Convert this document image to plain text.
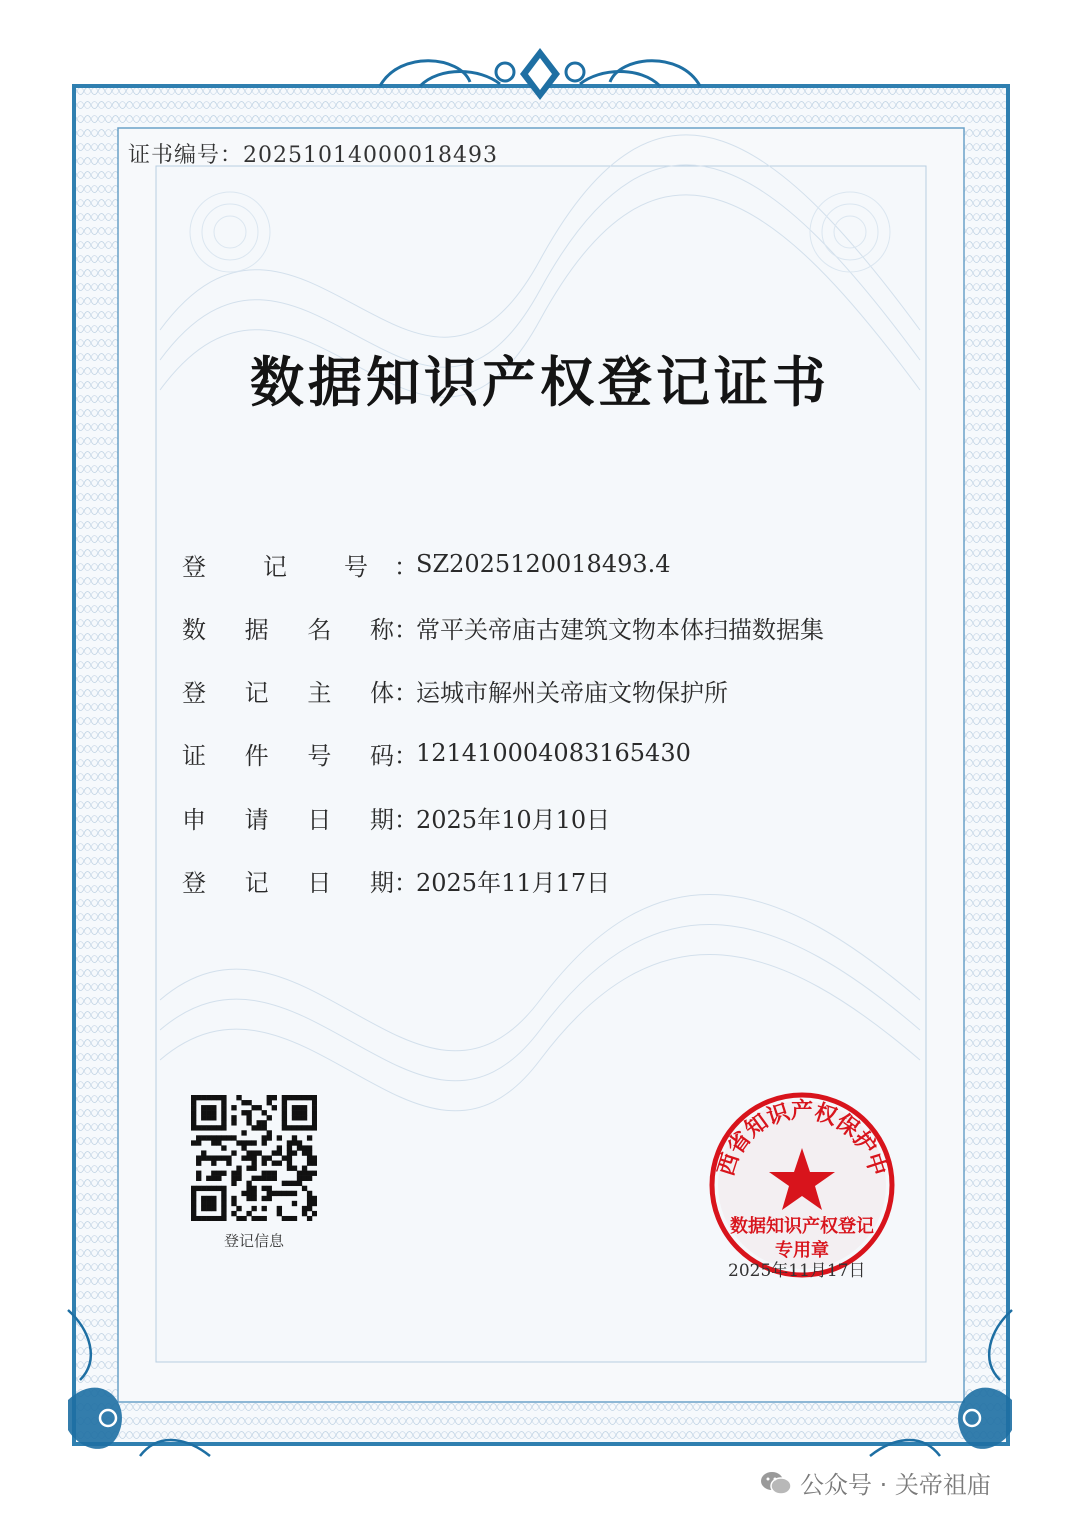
证书编号：20251014000018493
数据知识产权登记证书
登 记 号 ：
SZ2025120018493.4
数 据 名 称 ：
常平关帝庙古建筑文物本体扫描数据集
登 记 主 体 ：
运城市解州关帝庙文物保护所
证 件 号 码 ：
121410004083165430
申 请 日 期 ：
2025年10月10日
登 记 日 期 ：
2025年11月17日
登记信息
西省知识产权保护中
数据知识产权登记
专用章
2025年11月17日
公众号 · 关帝祖庙
